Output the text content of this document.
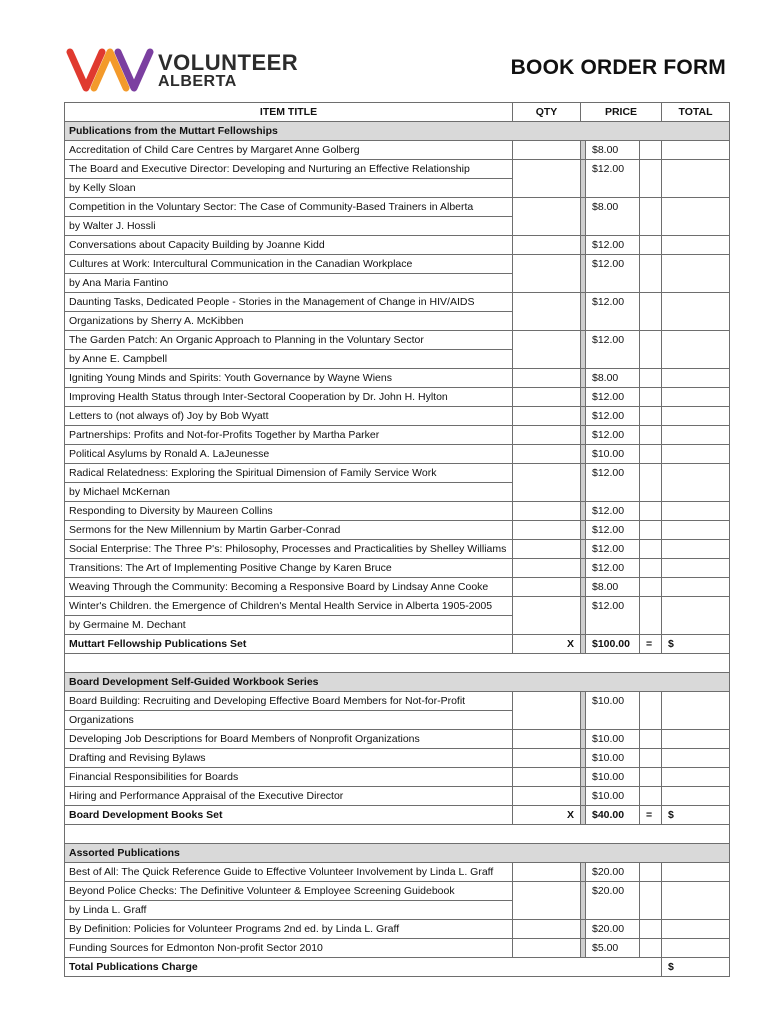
VOLUNTEER
ALBERTA
BOOK ORDER FORM
ITEM TITLE	QTY	PRICE			TOTAL
Publications from the Muttart Fellowships					
Accreditation of Child Care Centres by Margaret Anne Golberg			$8.00		
The Board and Executive Director: Developing and Nurturing an Effective Relationship			$12.00		
by Kelly Sloan					
Competition in the Voluntary Sector: The Case of Community-Based Trainers in Alberta			$8.00		
by Walter J. Hossli					
Conversations about Capacity Building by Joanne Kidd			$12.00		
Cultures at Work: Intercultural Communication in the Canadian Workplace			$12.00		
by Ana Maria Fantino					
Daunting Tasks, Dedicated People - Stories in the Management of Change in HIV/AIDS			$12.00		
Organizations by Sherry A. McKibben					
The Garden Patch: An Organic Approach to Planning in the Voluntary Sector			$12.00		
by Anne E. Campbell					
Igniting Young Minds and Spirits: Youth Governance by Wayne Wiens			$8.00		
Improving Health Status through Inter-Sectoral Cooperation by Dr. John H. Hylton			$12.00		
Letters to (not always of) Joy by Bob Wyatt			$12.00		
Partnerships: Profits and Not-for-Profits Together by Martha Parker			$12.00		
Political Asylums by Ronald A. LaJeunesse			$10.00		
Radical Relatedness: Exploring the Spiritual Dimension of Family Service Work			$12.00		
by Michael McKernan					
Responding to Diversity by Maureen Collins			$12.00		
Sermons for the New Millennium by Martin Garber-Conrad			$12.00		
Social Enterprise: The Three P's: Philosophy, Processes and Practicalities by Shelley Williams			$12.00		
Transitions: The Art of Implementing Positive Change by Karen Bruce			$12.00		
Weaving Through the Community: Becoming a Responsive Board by Lindsay Anne Cooke			$8.00		
Winter's Children. the Emergence of Children's Mental Health Service in Alberta 1905-2005			$12.00		
by Germaine M. Dechant					
Muttart Fellowship Publications Set	X		$100.00	=	$

Board Development Self-Guided Workbook Series					
Board Building: Recruiting and Developing Effective Board Members for Not-for-Profit			$10.00		
Organizations					
Developing Job Descriptions for Board Members of Nonprofit Organizations			$10.00		
Drafting and Revising Bylaws			$10.00		
Financial Responsibilities for Boards			$10.00		
Hiring and Performance Appraisal of the Executive Director			$10.00		
Board Development Books Set	X		$40.00	=	$

Assorted Publications					
Best of All: The Quick Reference Guide to Effective Volunteer Involvement by Linda L. Graff			$20.00		
Beyond Police Checks: The Definitive Volunteer & Employee Screening Guidebook			$20.00		
by Linda L. Graff					
By Definition: Policies for Volunteer Programs 2nd ed. by Linda L. Graff			$20.00		
Funding Sources for Edmonton Non-profit Sector 2010			$5.00		
Total Publications Charge					$
